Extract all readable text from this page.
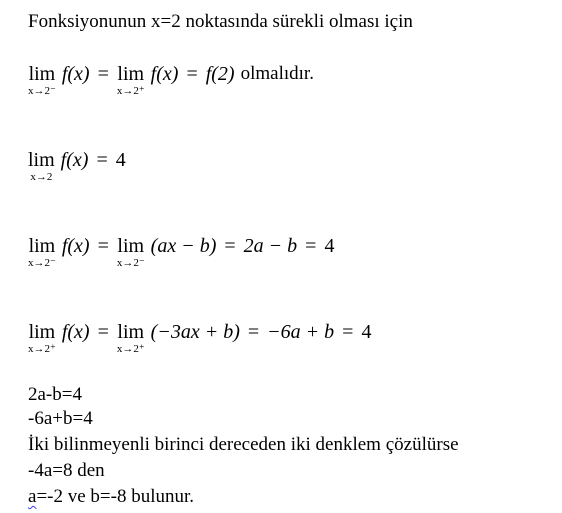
Fonksiyonunun x=2 noktasında sürekli olması için
lim
x→2⁻
f(x) = lim
x→2⁺
f(x) = f(2) olmalıdır.
lim
x→2
f(x) = 4
lim
x→2⁻
f(x) = lim
x→2⁻
(ax − b) = 2a − b = 4
lim
x→2⁺
f(x) = lim
x→2⁺
(−3ax + b) = −6a + b = 4
2a-b=4
-6a+b=4
İki bilinmeyenli birinci dereceden iki denklem çözülürse
-4a=8 den
a=-2 ve b=-8 bulunur.
